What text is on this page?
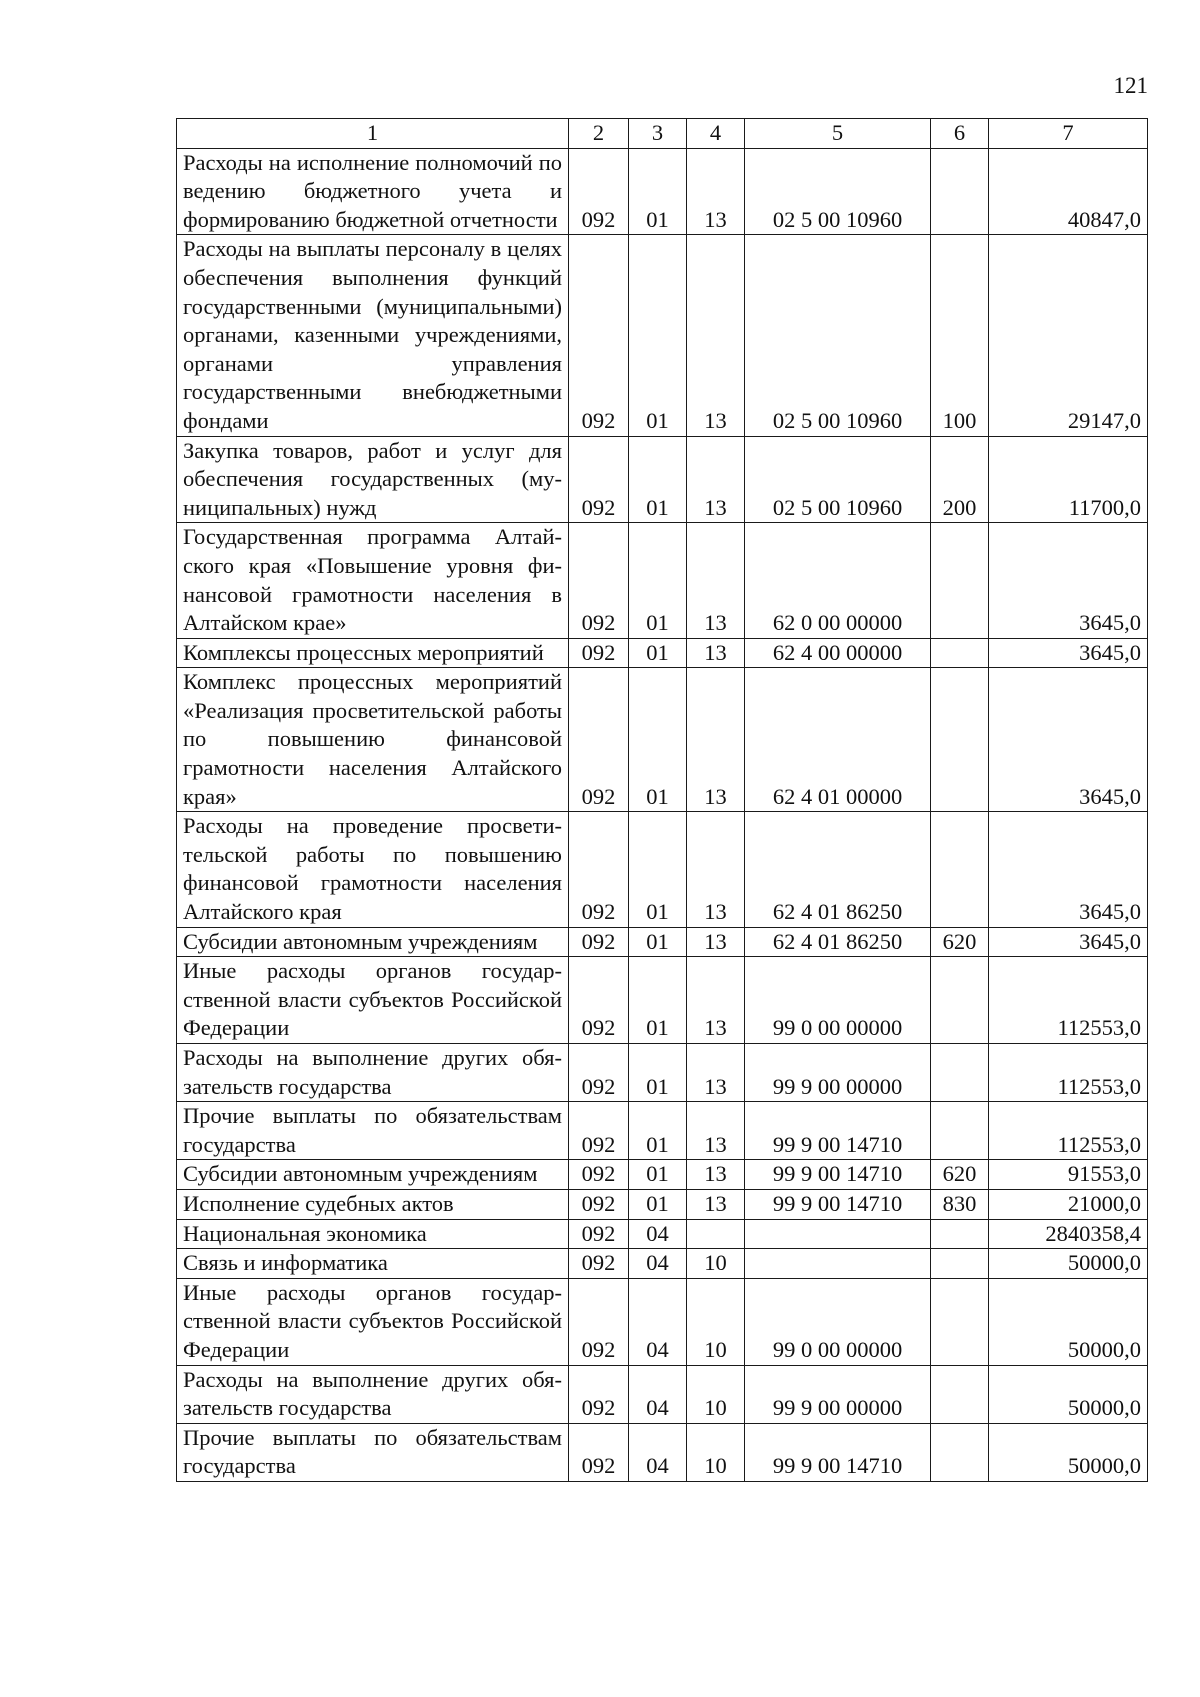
121
1	2	3	4	5	6	7
Расходы на исполнение полномочий по ведению бюджетного учета и формированию бюджетной отчетности	092	01	13	02 5 00 10960		40847,0
Расходы на выплаты персоналу в целях обеспечения выполнения функций государственными (муниципальными) органами, казенными учреждениями, органами управления государственными внебюджетными фондами	092	01	13	02 5 00 10960	100	29147,0
Закупка товаров, работ и услуг для обеспечения государственных (муниципальных) нужд	092	01	13	02 5 00 10960	200	11700,0
Государственная программа Алтайского края «Повышение уровня финансовой грамотности населения в Алтайском крае»	092	01	13	62 0 00 00000		3645,0
Комплексы процессных мероприятий	092	01	13	62 4 00 00000		3645,0
Комплекс процессных мероприятий «Реализация просветительской работы по повышению финансовой грамотности населения Алтайского края»	092	01	13	62 4 01 00000		3645,0
Расходы на проведение просветительской работы по повышению финансовой грамотности населения Алтайского края	092	01	13	62 4 01 86250		3645,0
Субсидии автономным учреждениям	092	01	13	62 4 01 86250	620	3645,0
Иные расходы органов государственной власти субъектов Российской Федерации	092	01	13	99 0 00 00000		112553,0
Расходы на выполнение других обязательств государства	092	01	13	99 9 00 00000		112553,0
Прочие выплаты по обязательствам государства	092	01	13	99 9 00 14710		112553,0
Субсидии автономным учреждениям	092	01	13	99 9 00 14710	620	91553,0
Исполнение судебных актов	092	01	13	99 9 00 14710	830	21000,0
Национальная экономика	092	04				2840358,4
Связь и информатика	092	04	10			50000,0
Иные расходы органов государственной власти субъектов Российской Федерации	092	04	10	99 0 00 00000		50000,0
Расходы на выполнение других обязательств государства	092	04	10	99 9 00 00000		50000,0
Прочие выплаты по обязательствам государства	092	04	10	99 9 00 14710		50000,0
